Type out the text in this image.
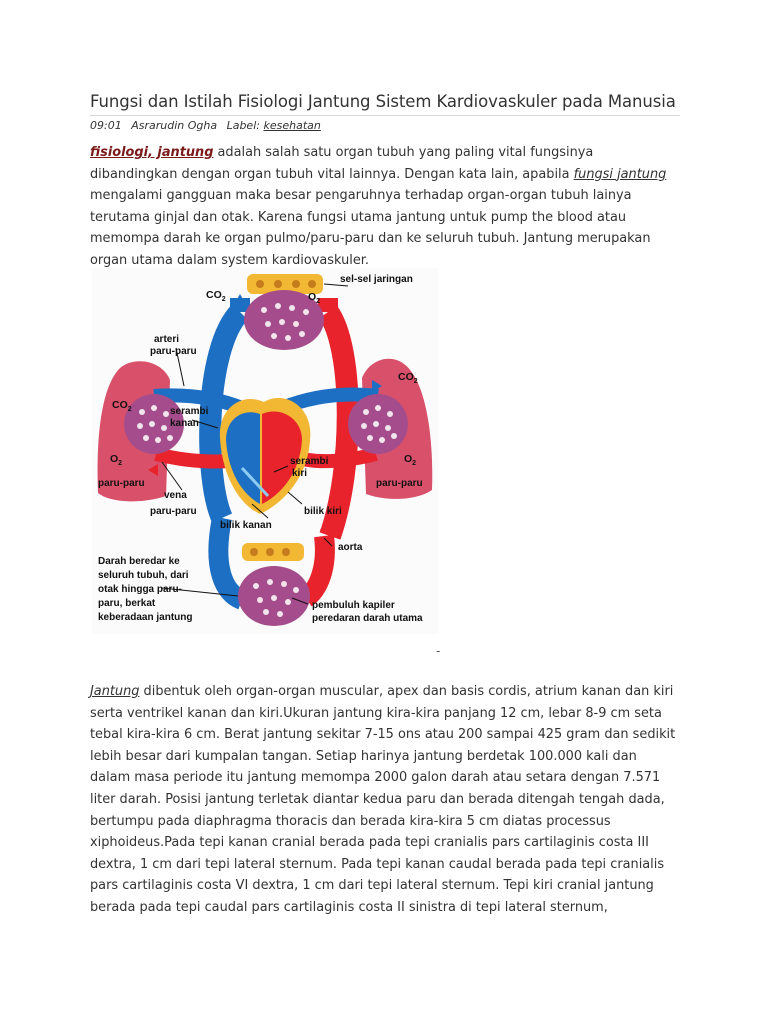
Fungsi dan Istilah Fisiologi Jantung Sistem Kardiovaskuler pada Manusia
09:01 Asrarudin Ogha Label: kesehatan

fisiologi, jantung adalah salah satu organ tubuh yang paling vital fungsinya dibandingkan dengan organ tubuh vital lainnya. Dengan kata lain, apabila fungsi jantung mengalami gangguan maka besar pengaruhnya terhadap organ-organ tubuh lainya terutama ginjal dan otak. Karena fungsi utama jantung untuk pump the blood atau memompa darah ke organ pulmo/paru-paru dan ke seluruh tubuh. Jantung merupakan organ utama dalam system kardiovaskuler.

$CO_2$	$O_2$
sel-sel jaringan
arteri
paru-paru
$CO_2$	serambi
kanan
$O_2$
paru-paru
vena
paru-paru
$CO_2$
paru-paru
$O_2$
serambi
kiri
bilik kiri
bilik kanan
aorta
Darah beredar ke
seluruh tubuh, dari
otak hingga paru-
paru, berkat
keberadaan jantung
pembuluh kapiler
peredaran darah utama
-

Jantung dibentuk oleh organ-organ muscular, apex dan basis cordis, atrium kanan dan kiri serta ventrikel kanan dan kiri.Ukuran jantung kira-kira panjang 12 cm, lebar 8-9 cm seta tebal kira-kira 6 cm. Berat jantung sekitar 7-15 ons atau 200 sampai 425 gram dan sedikit lebih besar dari kumpalan tangan. Setiap harinya jantung berdetak 100.000 kali dan dalam masa periode itu jantung memompa 2000 galon darah atau setara dengan 7.571 liter darah. Posisi jantung terletak diantar kedua paru dan berada ditengah tengah dada, bertumpu pada diaphragma thoracis dan berada kira-kira 5 cm diatas processus xiphoideus.Pada tepi kanan cranial berada pada tepi cranialis pars cartilaginis costa III dextra, 1 cm dari tepi lateral sternum. Pada tepi kanan caudal berada pada tepi cranialis pars cartilaginis costa VI dextra, 1 cm dari tepi lateral sternum. Tepi kiri cranial jantung berada pada tepi caudal pars cartilaginis costa II sinistra di tepi lateral sternum,
